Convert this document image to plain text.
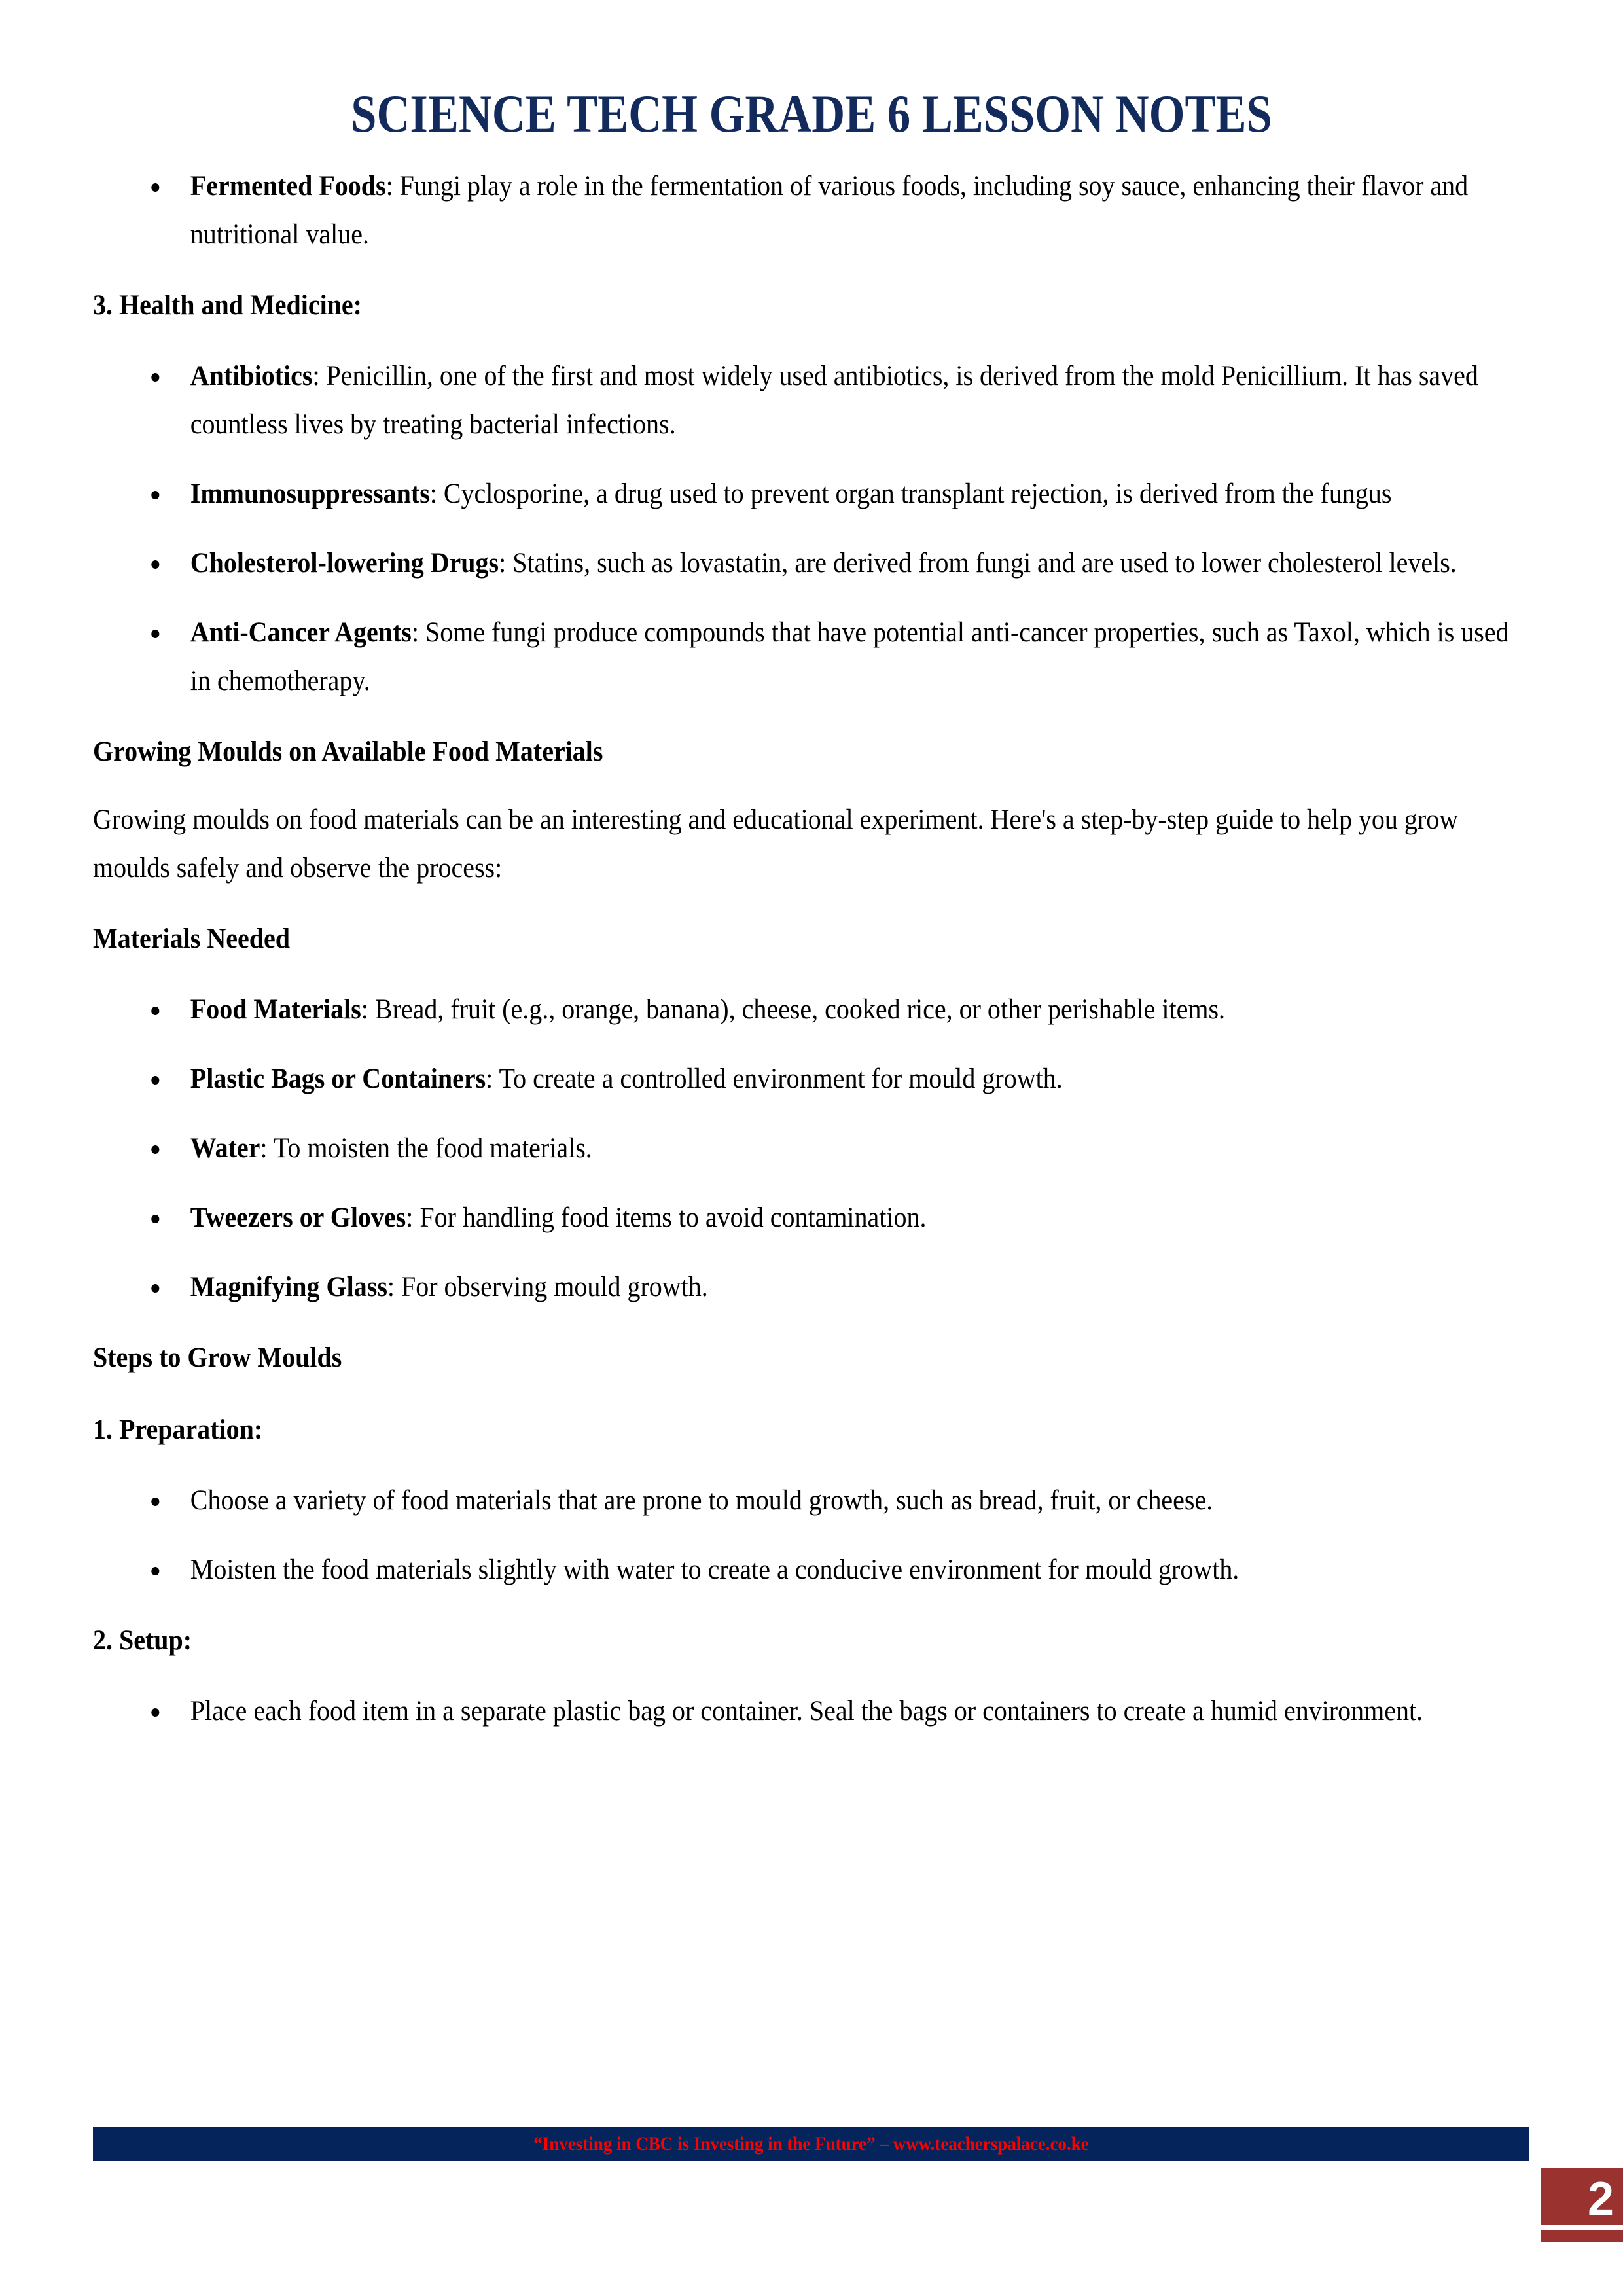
SCIENCE TECH GRADE 6 LESSON NOTES
Fermented Foods: Fungi play a role in the fermentation of various foods, including soy sauce, enhancing their flavor and nutritional value.
3. Health and Medicine:
Antibiotics: Penicillin, one of the first and most widely used antibiotics, is derived from the mold Penicillium. It has saved countless lives by treating bacterial infections.
Immunosuppressants: Cyclosporine, a drug used to prevent organ transplant rejection, is derived from the fungus
Cholesterol-lowering Drugs: Statins, such as lovastatin, are derived from fungi and are used to lower cholesterol levels.
Anti-Cancer Agents: Some fungi produce compounds that have potential anti-cancer properties, such as Taxol, which is used in chemotherapy.
Growing Moulds on Available Food Materials
Growing moulds on food materials can be an interesting and educational experiment. Here's a step-by-step guide to help you grow moulds safely and observe the process:
Materials Needed
Food Materials: Bread, fruit (e.g., orange, banana), cheese, cooked rice, or other perishable items.
Plastic Bags or Containers: To create a controlled environment for mould growth.
Water: To moisten the food materials.
Tweezers or Gloves: For handling food items to avoid contamination.
Magnifying Glass: For observing mould growth.
Steps to Grow Moulds
1. Preparation:
Choose a variety of food materials that are prone to mould growth, such as bread, fruit, or cheese.
Moisten the food materials slightly with water to create a conducive environment for mould growth.
2. Setup:
Place each food item in a separate plastic bag or container. Seal the bags or containers to create a humid environment.
“Investing in CBC is Investing in the Future” – www.teacherspalace.co.ke
2
